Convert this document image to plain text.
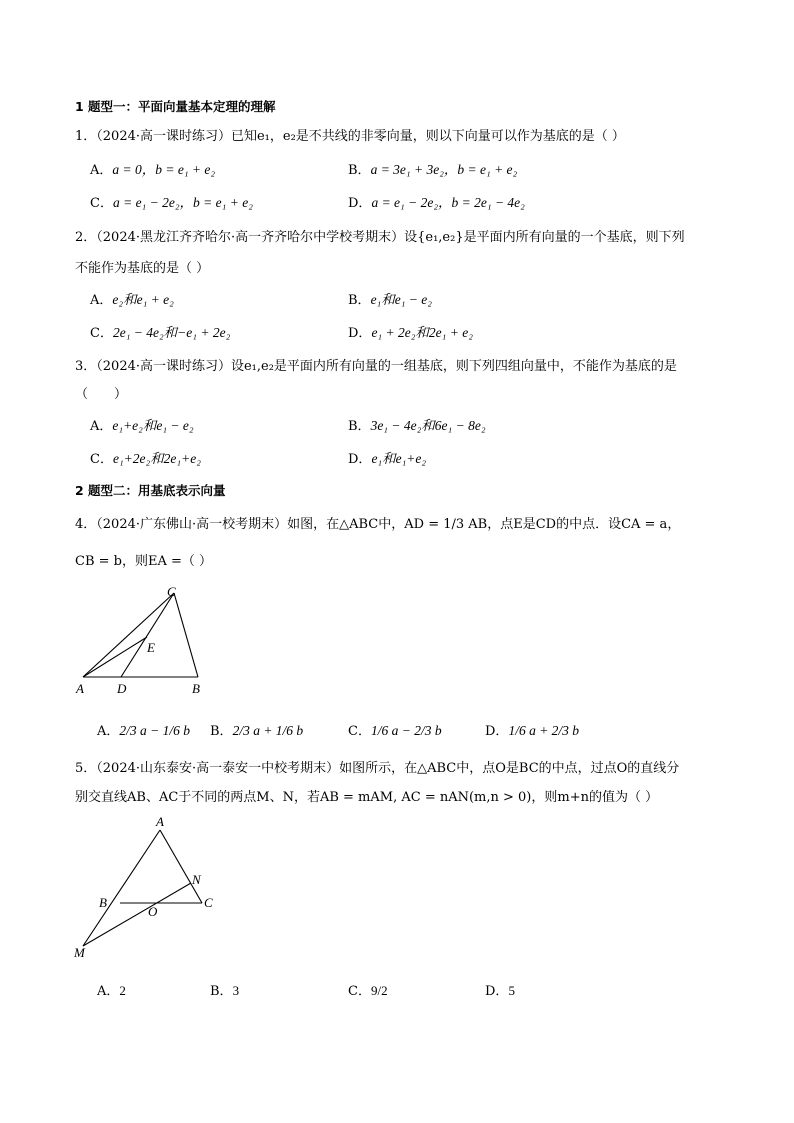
1 题型一：平面向量基本定理的理解
1．（2024·高一课时练习）已知e₁，e₂是不共线的非零向量，则以下向量可以作为基底的是（ ）
A．a = 0，b = e₁ + e₂	B．a = 3e₁ + 3e₂，b = e₁ + e₂
C．a = e₁ − 2e₂，b = e₁ + e₂	D．a = e₁ − 2e₂，b = 2e₁ − 4e₂
2．（2024·黑龙江齐齐哈尔·高一齐齐哈尔中学校考期末）设{e₁,e₂}是平面内所有向量的一个基底，则下列
不能作为基底的是（ ）
A．e₂和e₁ + e₂	B．e₁和e₁ − e₂
C．2e₁ − 4e₂和−e₁ + 2e₂	D．e₁ + 2e₂和2e₁ + e₂
3．（2024·高一课时练习）设e₁,e₂是平面内所有向量的一组基底，则下列四组向量中，不能作为基底的是
（　　）
A．e₁+e₂和e₁ − e₂	B．3e₁ − 4e₂和6e₁ − 8e₂
C．e₁+2e₂和2e₁+e₂	D．e₁和e₁+e₂
2 题型二：用基底表示向量
4．（2024·广东佛山·高一校考期末）如图，在△ABC中，AD = 1/3 AB，点E是CD的中点．设CA = a，
CB = b，则EA =（ ）
C
E
A	D	B
A．2/3 a − 1/6 b B．2/3 a + 1/6 b	C．1/6 a − 2/3 b	D．1/6 a + 2/3 b
5．（2024·山东泰安·高一泰安一中校考期末）如图所示，在△ABC中，点O是BC的中点，过点O的直线分
别交直线AB、AC于不同的两点M、N，若AB = mAM, AC = nAN(m,n > 0)，则m+n的值为（ ）
A
N
B
O
C
M
A．2	B．3	C．9/2	D．5
